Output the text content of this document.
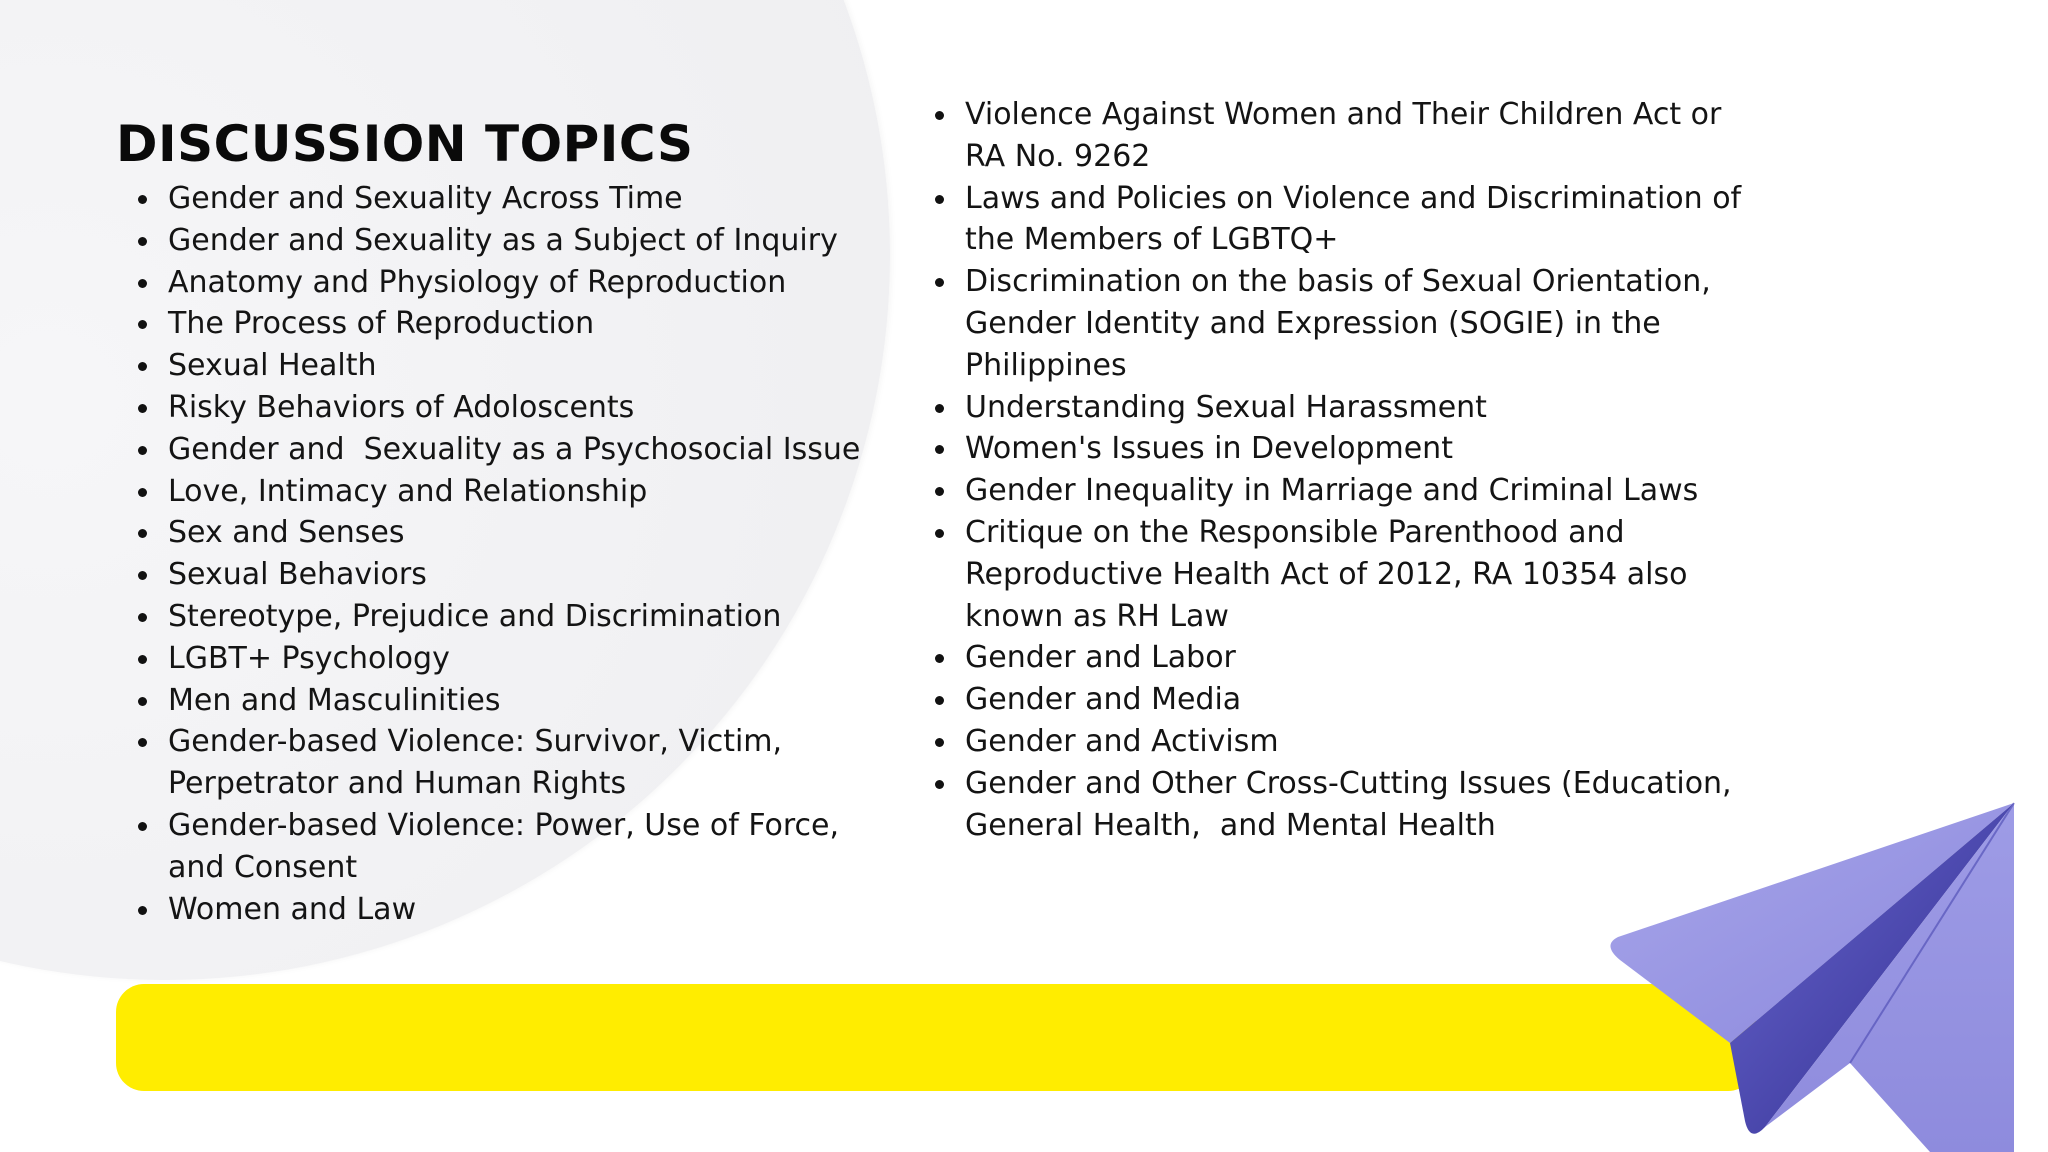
DISCUSSION TOPICS
Gender and Sexuality Across Time
Gender and Sexuality as a Subject of Inquiry
Anatomy and Physiology of Reproduction
The Process of Reproduction
Sexual Health
Risky Behaviors of Adoloscents
Gender and  Sexuality as a Psychosocial Issue
Love, Intimacy and Relationship
Sex and Senses
Sexual Behaviors
Stereotype, Prejudice and Discrimination
LGBT+ Psychology
Men and Masculinities
Gender-based Violence: Survivor, Victim, Perpetrator and Human Rights
Gender-based Violence: Power, Use of Force, and Consent
Women and Law
Violence Against Women and Their Children Act or RA No. 9262
Laws and Policies on Violence and Discrimination of the Members of LGBTQ+
Discrimination on the basis of Sexual Orientation, Gender Identity and Expression (SOGIE) in the Philippines
Understanding Sexual Harassment
Women's Issues in Development
Gender Inequality in Marriage and Criminal Laws
Critique on the Responsible Parenthood and Reproductive Health Act of 2012, RA 10354 also known as RH Law
Gender and Labor
Gender and Media
Gender and Activism
Gender and Other Cross-Cutting Issues (Education, General Health,  and Mental Health
